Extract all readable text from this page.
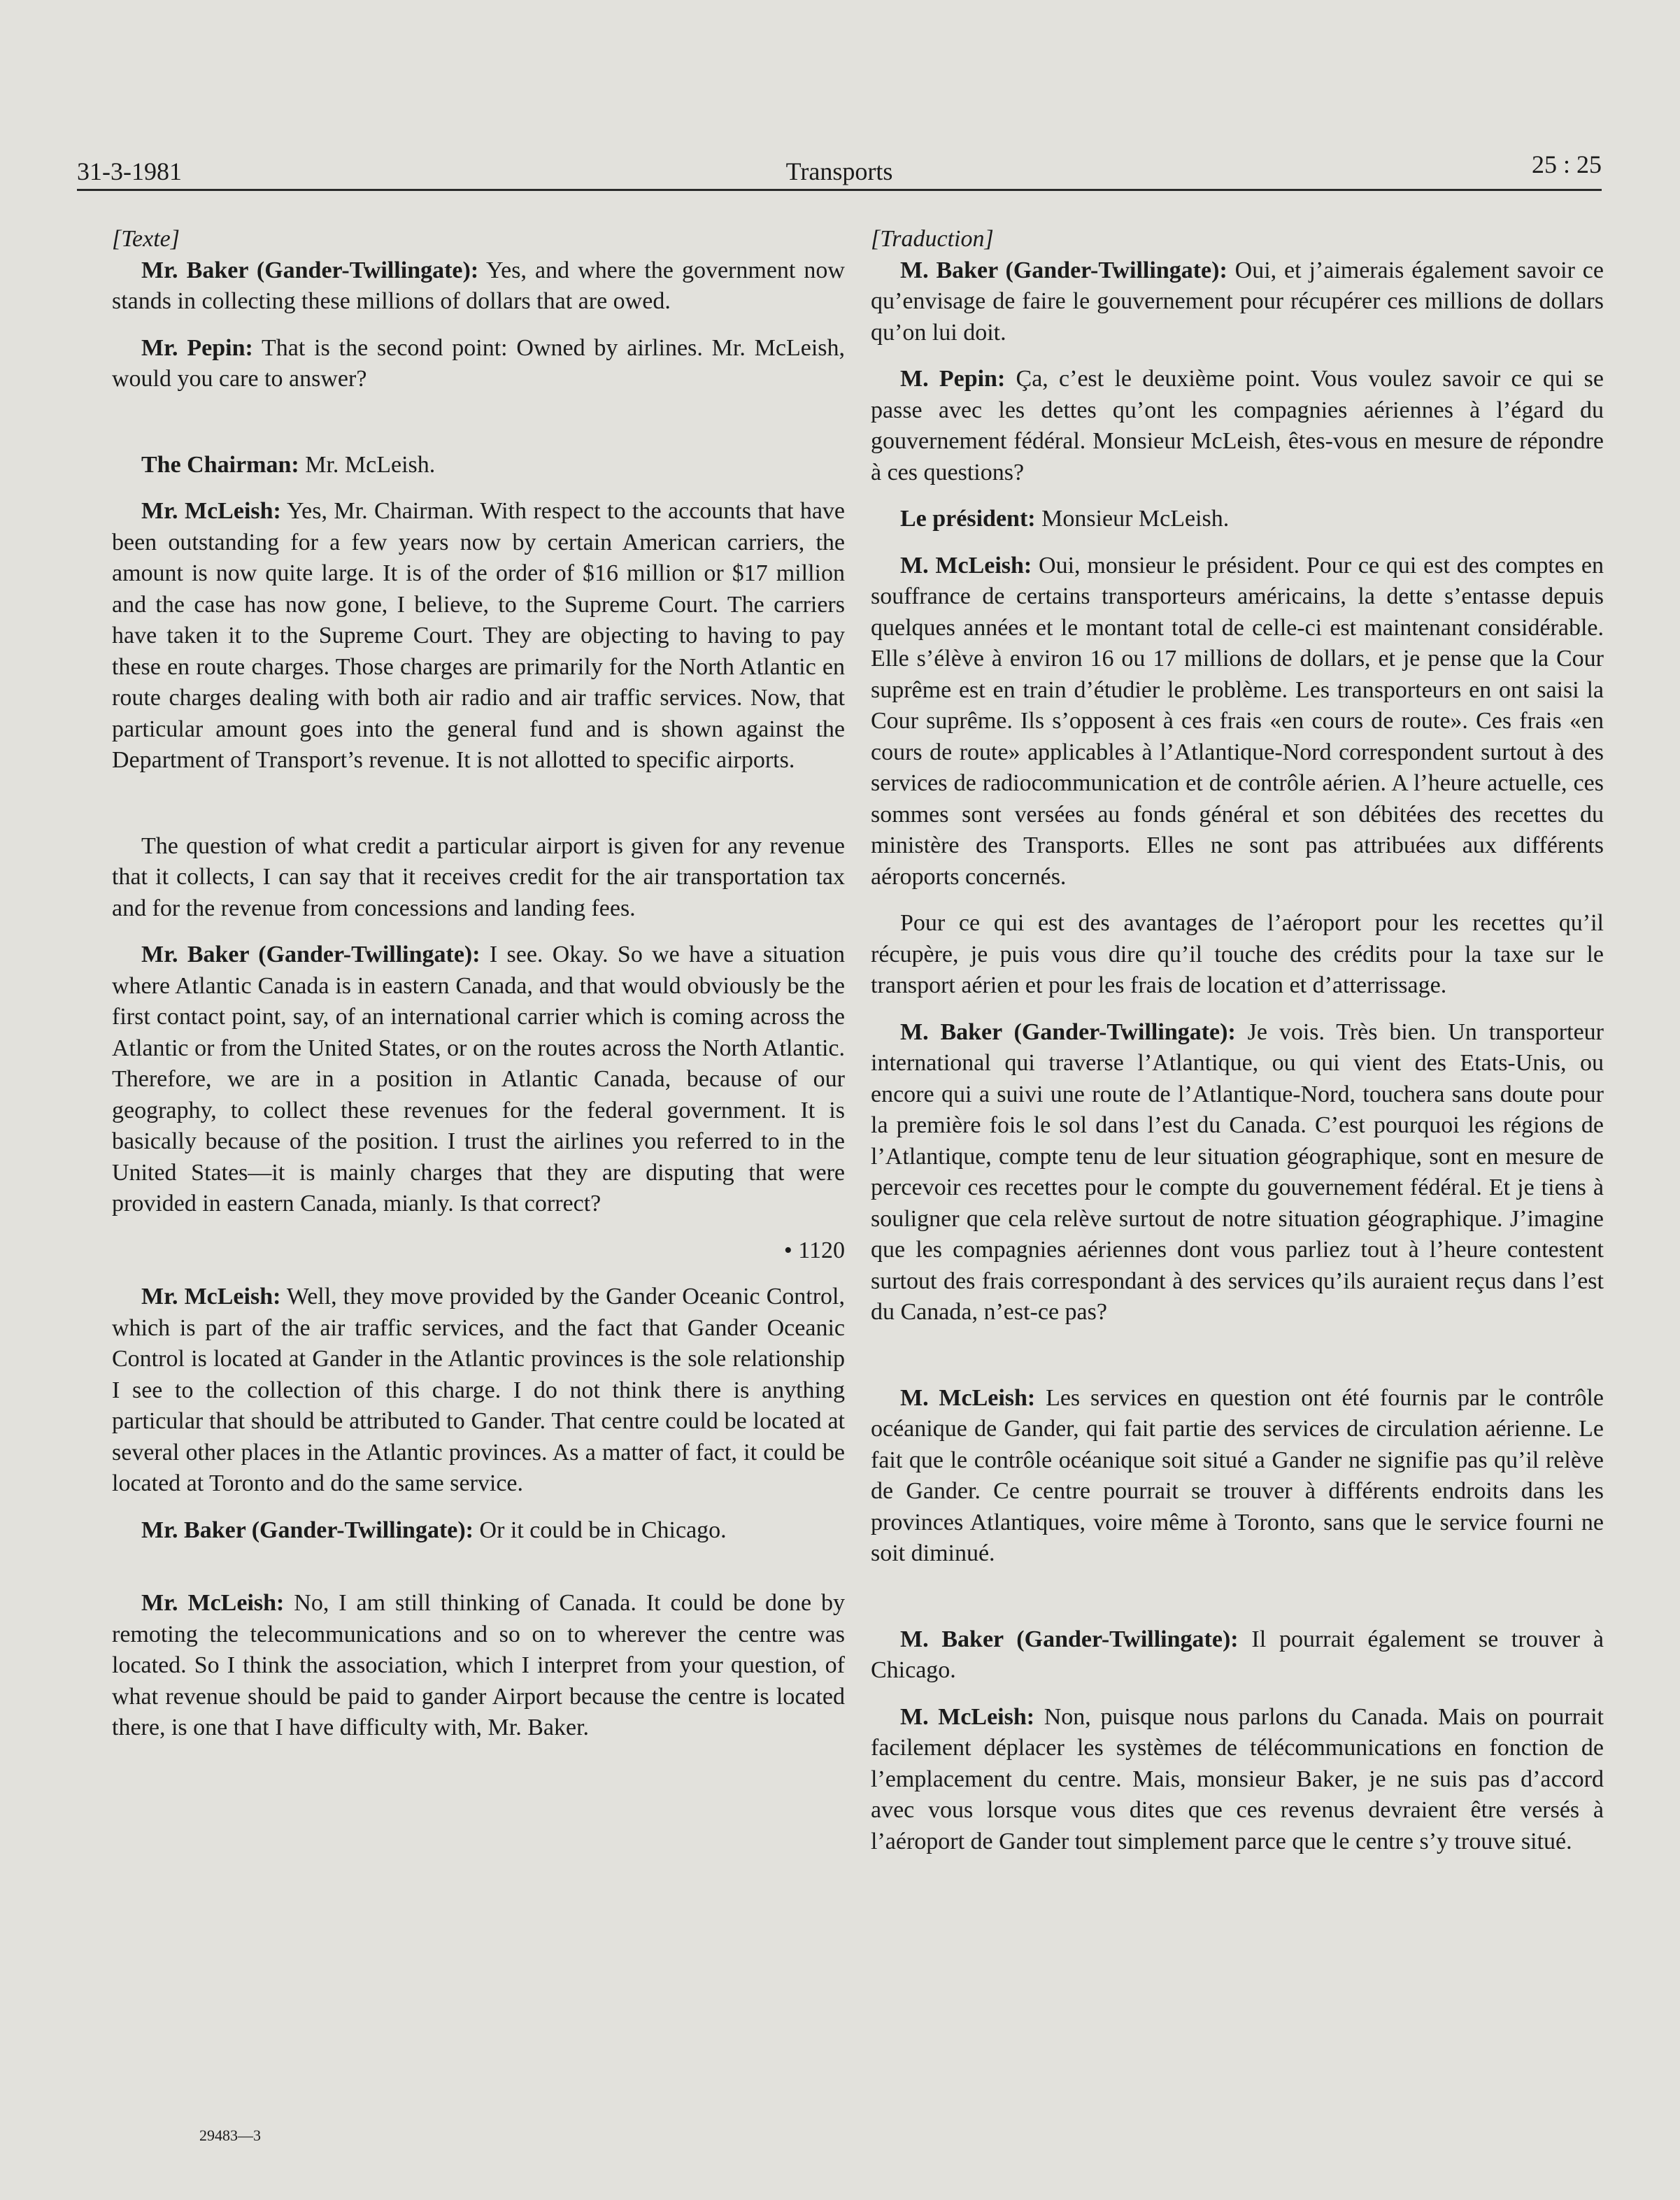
31-3-1981	Transports	25 : 25

[Texte]

Mr. Baker (Gander-Twillingate): Yes, and where the government now stands in collecting these millions of dollars that are owed.

Mr. Pepin: That is the second point: Owned by airlines. Mr. McLeish, would you care to answer?

The Chairman: Mr. McLeish.

Mr. McLeish: Yes, Mr. Chairman. With respect to the accounts that have been outstanding for a few years now by certain American carriers, the amount is now quite large. It is of the order of $16 million or $17 million and the case has now gone, I believe, to the Supreme Court. The carriers have taken it to the Supreme Court. They are objecting to having to pay these en route charges. Those charges are primarily for the North Atlantic en route charges dealing with both air radio and air traffic services. Now, that particular amount goes into the general fund and is shown against the Department of Transport’s revenue. It is not allotted to specific airports.

The question of what credit a particular airport is given for any revenue that it collects, I can say that it receives credit for the air transportation tax and for the revenue from concessions and landing fees.

Mr. Baker (Gander-Twillingate): I see. Okay. So we have a situation where Atlantic Canada is in eastern Canada, and that would obviously be the first contact point, say, of an international carrier which is coming across the Atlantic or from the United States, or on the routes across the North Atlantic. Therefore, we are in a position in Atlantic Canada, because of our geography, to collect these revenues for the federal government. It is basically because of the position. I trust the airlines you referred to in the United States—it is mainly charges that they are disputing that were provided in eastern Canada, mianly. Is that correct?

• 1120

Mr. McLeish: Well, they move provided by the Gander Oceanic Control, which is part of the air traffic services, and the fact that Gander Oceanic Control is located at Gander in the Atlantic provinces is the sole relationship I see to the collection of this charge. I do not think there is anything particular that should be attributed to Gander. That centre could be located at several other places in the Atlantic provinces. As a matter of fact, it could be located at Toronto and do the same service.

Mr. Baker (Gander-Twillingate): Or it could be in Chicago.

Mr. McLeish: No, I am still thinking of Canada. It could be done by remoting the telecommunications and so on to wherever the centre was located. So I think the association, which I interpret from your question, of what revenue should be paid to gander Airport because the centre is located there, is one that I have difficulty with, Mr. Baker.

[Traduction]

M. Baker (Gander-Twillingate): Oui, et j’aimerais également savoir ce qu’envisage de faire le gouvernement pour récupérer ces millions de dollars qu’on lui doit.

M. Pepin: Ça, c’est le deuxième point. Vous voulez savoir ce qui se passe avec les dettes qu’ont les compagnies aériennes à l’égard du gouvernement fédéral. Monsieur McLeish, êtes-vous en mesure de répondre à ces questions?

Le président: Monsieur McLeish.

M. McLeish: Oui, monsieur le président. Pour ce qui est des comptes en souffrance de certains transporteurs américains, la dette s’entasse depuis quelques années et le montant total de celle-ci est maintenant considérable. Elle s’élève à environ 16 ou 17 millions de dollars, et je pense que la Cour suprême est en train d’étudier le problème. Les transporteurs en ont saisi la Cour suprême. Ils s’opposent à ces frais «en cours de route». Ces frais «en cours de route» applicables à l’Atlantique-Nord correspondent surtout à des services de radiocommunication et de contrôle aérien. A l’heure actuelle, ces sommes sont versées au fonds général et son débitées des recettes du ministère des Transports. Elles ne sont pas attribuées aux différents aéroports concernés.

Pour ce qui est des avantages de l’aéroport pour les recettes qu’il récupère, je puis vous dire qu’il touche des crédits pour la taxe sur le transport aérien et pour les frais de location et d’atterrissage.

M. Baker (Gander-Twillingate): Je vois. Très bien. Un transporteur international qui traverse l’Atlantique, ou qui vient des Etats-Unis, ou encore qui a suivi une route de l’Atlantique-Nord, touchera sans doute pour la première fois le sol dans l’est du Canada. C’est pourquoi les régions de l’Atlantique, compte tenu de leur situation géographique, sont en mesure de percevoir ces recettes pour le compte du gouvernement fédéral. Et je tiens à souligner que cela relève surtout de notre situation géographique. J’imagine que les compagnies aériennes dont vous parliez tout à l’heure contestent surtout des frais correspondant à des services qu’ils auraient reçus dans l’est du Canada, n’est-ce pas?

M. McLeish: Les services en question ont été fournis par le contrôle océanique de Gander, qui fait partie des services de circulation aérienne. Le fait que le contrôle océanique soit situé a Gander ne signifie pas qu’il relève de Gander. Ce centre pourrait se trouver à différents endroits dans les provinces Atlantiques, voire même à Toronto, sans que le service fourni ne soit diminué.

M. Baker (Gander-Twillingate): Il pourrait également se trouver à Chicago.

M. McLeish: Non, puisque nous parlons du Canada. Mais on pourrait facilement déplacer les systèmes de télécommunications en fonction de l’emplacement du centre. Mais, monsieur Baker, je ne suis pas d’accord avec vous lorsque vous dites que ces revenus devraient être versés à l’aéroport de Gander tout simplement parce que le centre s’y trouve situé.

29483—3
